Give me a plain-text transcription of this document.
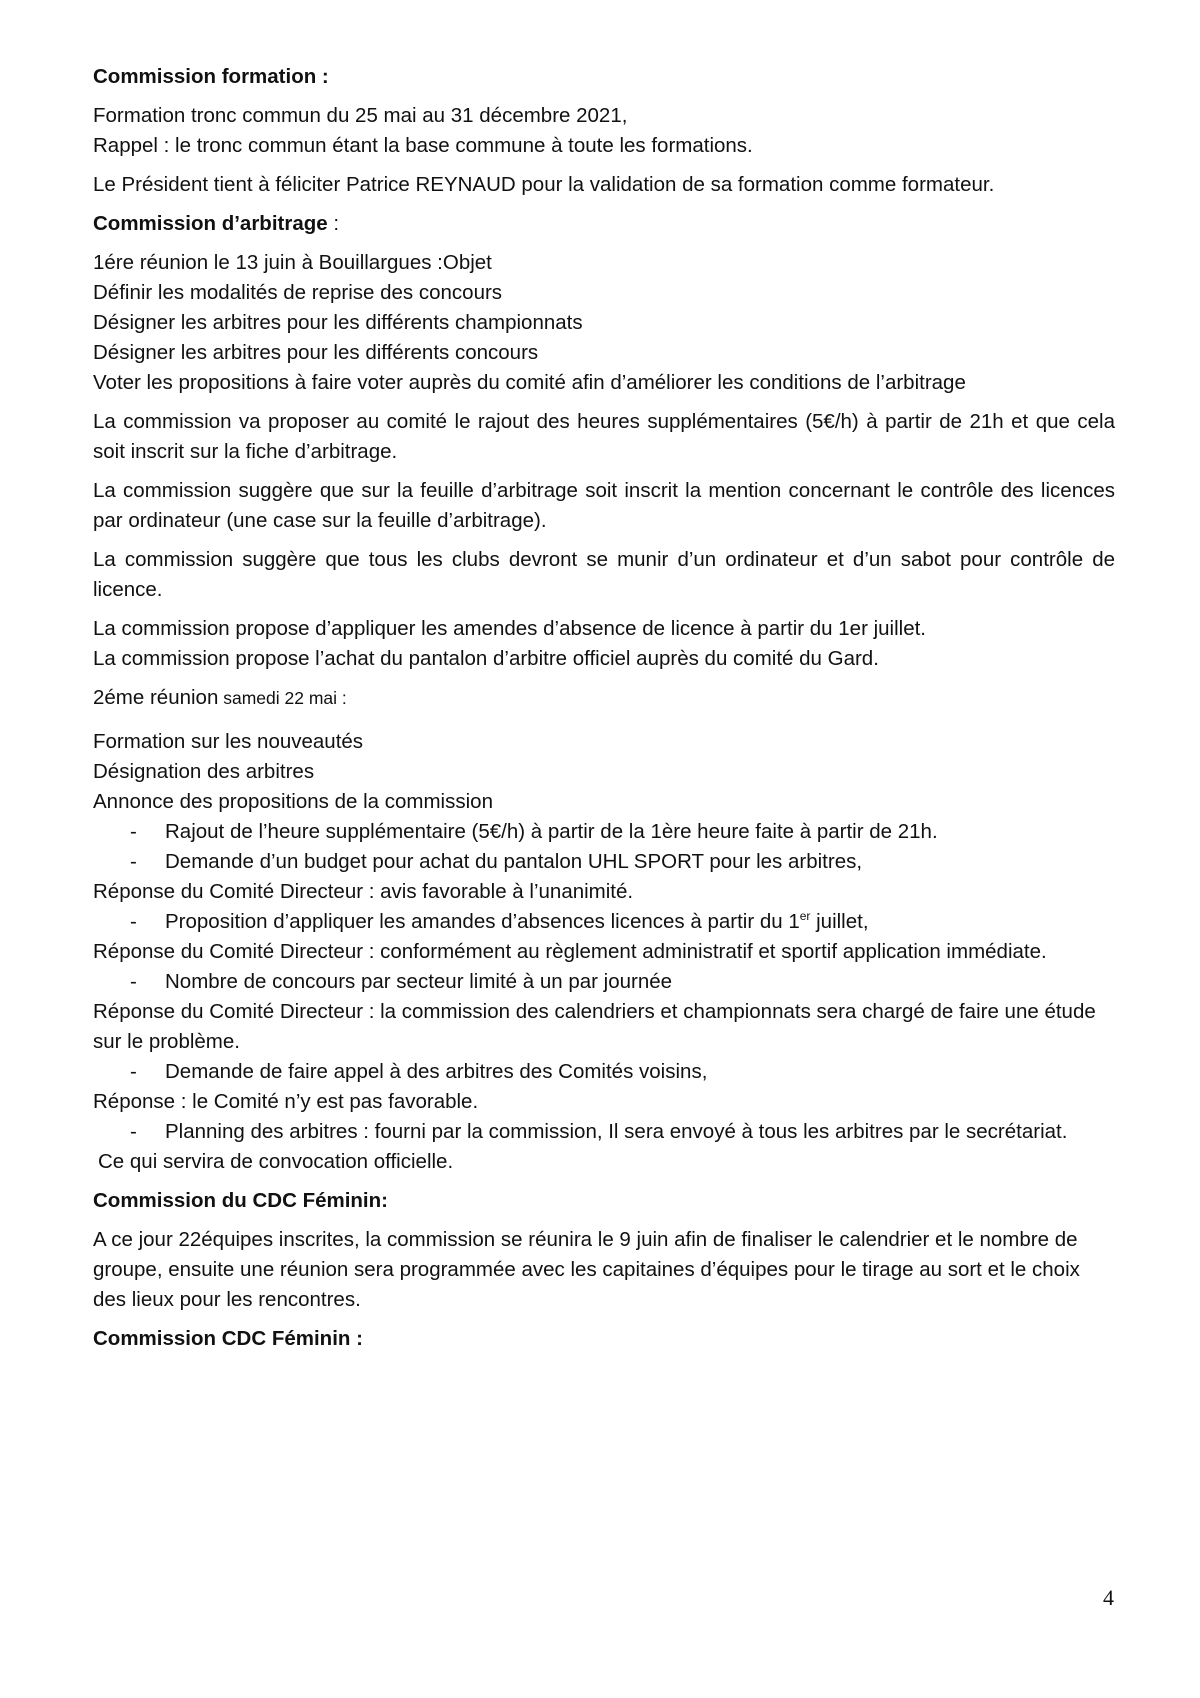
Commission formation :

Formation tronc commun du 25 mai au 31 décembre 2021,

Rappel : le tronc commun étant la base commune à toute les formations.

Le Président tient à féliciter Patrice REYNAUD pour la validation de sa formation comme formateur.

Commission d’arbitrage :

1ére réunion le 13 juin à Bouillargues :Objet

Définir les modalités de reprise des concours

Désigner les arbitres pour les différents championnats

Désigner les arbitres pour les différents concours

Voter les propositions à faire voter auprès du comité afin d’améliorer les conditions de l’arbitrage

La commission va proposer au comité le rajout des heures supplémentaires (5€/h) à partir de 21h et que cela soit inscrit sur la fiche d’arbitrage.

La commission suggère que sur la feuille d’arbitrage soit inscrit la mention concernant le contrôle des licences par ordinateur (une case sur la feuille d’arbitrage).

La commission suggère que tous les clubs devront se munir d’un ordinateur et d’un sabot pour contrôle de licence.

La commission propose d’appliquer les amendes d’absence de licence à partir du 1er juillet.

La commission propose l’achat du pantalon d’arbitre officiel auprès du comité du Gard.

2éme réunion samedi 22 mai :

Formation sur les nouveautés

Désignation des arbitres

Annonce des propositions de la commission

- Rajout de l’heure supplémentaire (5€/h) à partir de la 1ère heure faite à partir de 21h.
- Demande d’un budget pour achat du pantalon UHL SPORT pour les arbitres,

Réponse du Comité Directeur : avis favorable à l’unanimité.

- Proposition d’appliquer les amandes d’absences licences à partir du 1er juillet,

Réponse du Comité Directeur : conformément au règlement administratif et sportif application immédiate.

- Nombre de concours par secteur limité à un par journée

Réponse du Comité Directeur : la commission des calendriers et championnats sera chargé de faire une étude sur le problème.

- Demande de faire appel à des arbitres des Comités voisins,

Réponse : le Comité n’y est pas favorable.

- Planning des arbitres : fourni par la commission, Il sera envoyé à tous les arbitres par le secrétariat.

Ce qui servira de convocation officielle.

Commission du CDC Féminin:

A ce jour 22équipes inscrites, la commission se réunira le 9 juin afin de finaliser le calendrier et le nombre de groupe, ensuite une réunion sera programmée avec les capitaines d’équipes pour le tirage au sort et le choix des lieux pour les rencontres.

Commission CDC Féminin :

4
